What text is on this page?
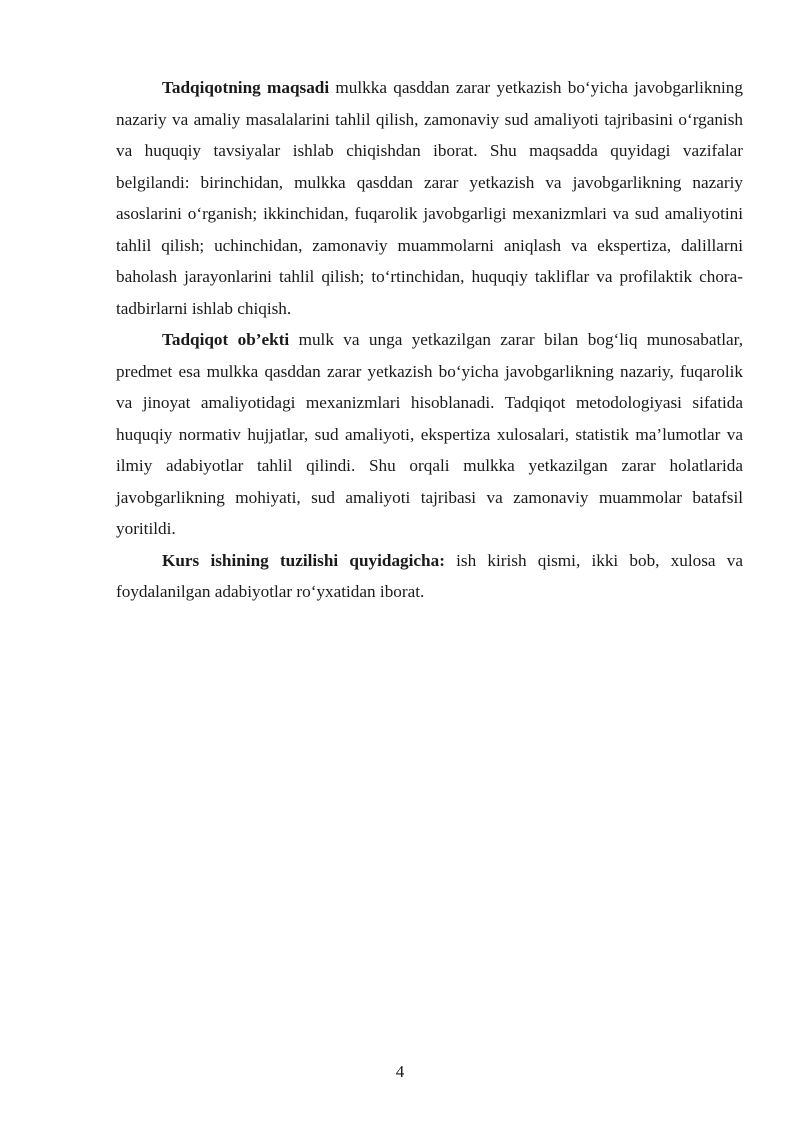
Tadqiqotning maqsadi mulkka qasddan zarar yetkazish bo‘yicha javobgarlikning nazariy va amaliy masalalarini tahlil qilish, zamonaviy sud amaliyoti tajribasini o‘rganish va huquqiy tavsiyalar ishlab chiqishdan iborat. Shu maqsadda quyidagi vazifalar belgilandi: birinchidan, mulkka qasddan zarar yetkazish va javobgarlikning nazariy asoslarini o‘rganish; ikkinchidan, fuqarolik javobgarligi mexanizmlari va sud amaliyotini tahlil qilish; uchinchidan, zamonaviy muammolarni aniqlash va ekspertiza, dalillarni baholash jarayonlarini tahlil qilish; to‘rtinchidan, huquqiy takliflar va profilaktik chora-tadbirlarni ishlab chiqish.

Tadqiqot ob’ekti mulk va unga yetkazilgan zarar bilan bog‘liq munosabatlar, predmet esa mulkka qasddan zarar yetkazish bo‘yicha javobgarlikning nazariy, fuqarolik va jinoyat amaliyotidagi mexanizmlari hisoblanadi. Tadqiqot metodologiyasi sifatida huquqiy normativ hujjatlar, sud amaliyoti, ekspertiza xulosalari, statistik ma’lumotlar va ilmiy adabiyotlar tahlil qilindi. Shu orqali mulkka yetkazilgan zarar holatlarida javobgarlikning mohiyati, sud amaliyoti tajribasi va zamonaviy muammolar batafsil yoritildi.

Kurs ishining tuzilishi quyidagicha: ish kirish qismi, ikki bob, xulosa va foydalanilgan adabiyotlar ro‘yxatidan iborat.

4
